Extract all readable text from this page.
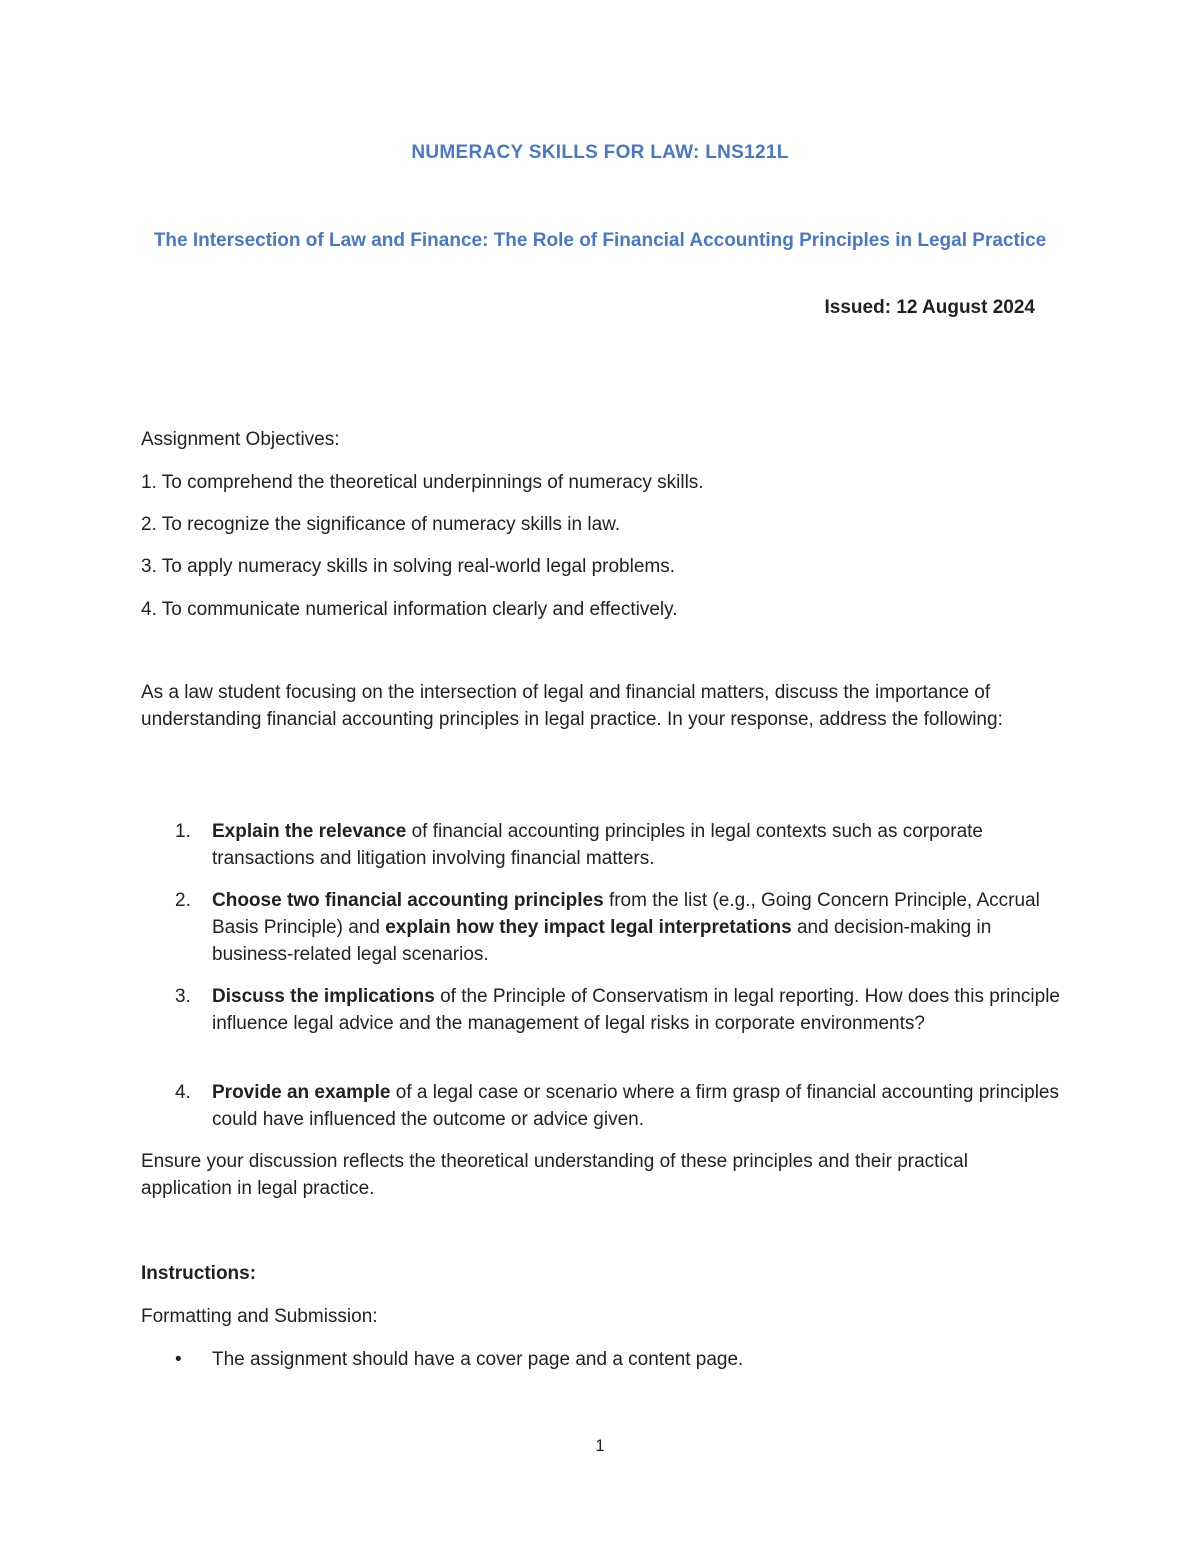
NUMERACY SKILLS FOR LAW: LNS121L
The Intersection of Law and Finance: The Role of Financial Accounting Principles in Legal Practice
Issued: 12 August 2024
Assignment Objectives:
1. To comprehend the theoretical underpinnings of numeracy skills.
2. To recognize the significance of numeracy skills in law.
3. To apply numeracy skills in solving real-world legal problems.
4. To communicate numerical information clearly and effectively.
As a law student focusing on the intersection of legal and financial matters, discuss the importance of understanding financial accounting principles in legal practice. In your response, address the following:
1.	Explain the relevance of financial accounting principles in legal contexts such as corporate transactions and litigation involving financial matters.
2.	Choose two financial accounting principles from the list (e.g., Going Concern Principle, Accrual Basis Principle) and explain how they impact legal interpretations and decision-making in business-related legal scenarios.
3.	Discuss the implications of the Principle of Conservatism in legal reporting. How does this principle influence legal advice and the management of legal risks in corporate environments?
4.	Provide an example of a legal case or scenario where a firm grasp of financial accounting principles could have influenced the outcome or advice given.
Ensure your discussion reflects the theoretical understanding of these principles and their practical application in legal practice.
Instructions:
Formatting and Submission:
•	The assignment should have a cover page and a content page.
1
